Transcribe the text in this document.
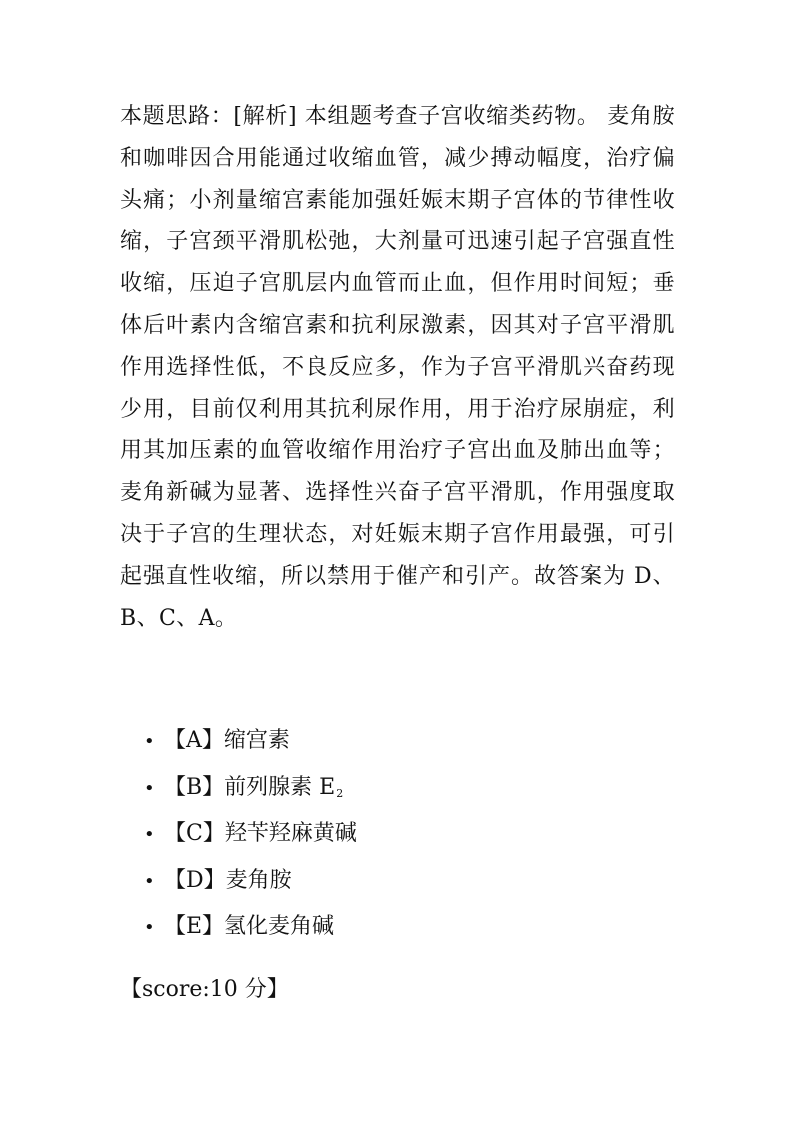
本题思路：[解析] 本组题考查子宫收缩类药物。 麦角胺和咖啡因合用能通过收缩血管，减少搏动幅度，治疗偏头痛；小剂量缩宫素能加强妊娠末期子宫体的节律性收缩，子宫颈平滑肌松弛，大剂量可迅速引起子宫强直性收缩，压迫子宫肌层内血管而止血，但作用时间短；垂体后叶素内含缩宫素和抗利尿激素，因其对子宫平滑肌作用选择性低，不良反应多，作为子宫平滑肌兴奋药现少用，目前仅利用其抗利尿作用，用于治疗尿崩症，利用其加压素的血管收缩作用治疗子宫出血及肺出血等；麦角新碱为显著、选择性兴奋子宫平滑肌，作用强度取决于子宫的生理状态，对妊娠末期子宫作用最强，可引起强直性收缩，所以禁用于催产和引产。故答案为 D、B、C、A。

• 【A】缩宫素
• 【B】前列腺素 E2
• 【C】羟苄羟麻黄碱
• 【D】麦角胺
• 【E】氢化麦角碱
【score:10 分】
